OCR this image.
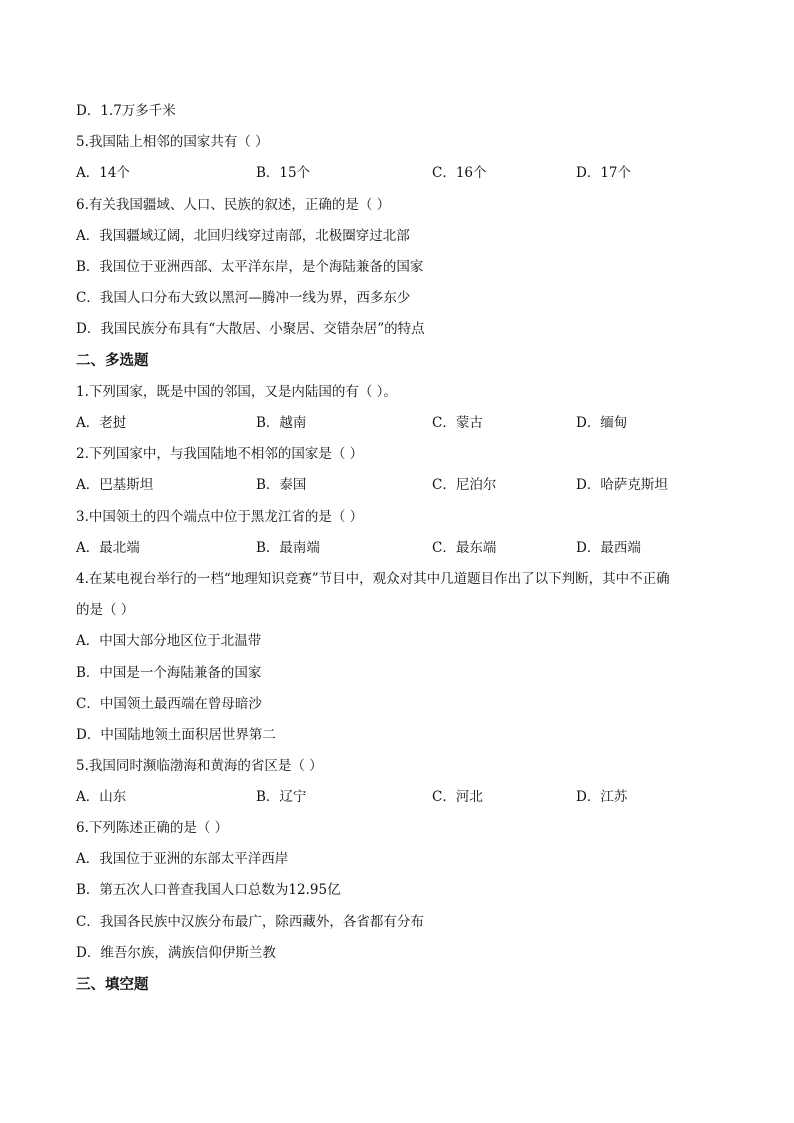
D．1.7万多千米
5.我国陆上相邻的国家共有（ ）
A．14个	B．15个	C．16个	D．17个
6.有关我国疆域、人口、民族的叙述，正确的是（ ）
A．我国疆域辽阔，北回归线穿过南部，北极圈穿过北部
B．我国位于亚洲西部、太平洋东岸，是个海陆兼备的国家
C．我国人口分布大致以黑河—腾冲一线为界，西多东少
D．我国民族分布具有“大散居、小聚居、交错杂居”的特点
二、多选题
1.下列国家，既是中国的邻国，又是内陆国的有（ ）。
A．老挝	B．越南	C．蒙古	D．缅甸
2.下列国家中，与我国陆地不相邻的国家是（ ）
A．巴基斯坦	B．泰国	C．尼泊尔	D．哈萨克斯坦
3.中国领土的四个端点中位于黑龙江省的是（ ）
A．最北端	B．最南端	C．最东端	D．最西端
4.在某电视台举行的一档“地理知识竞赛”节目中，观众对其中几道题目作出了以下判断，其中不正确
的是（ ）
A．中国大部分地区位于北温带
B．中国是一个海陆兼备的国家
C．中国领土最西端在曾母暗沙
D．中国陆地领土面积居世界第二
5.我国同时濒临渤海和黄海的省区是（ ）
A．山东	B．辽宁	C．河北	D．江苏
6.下列陈述正确的是（ ）
A．我国位于亚洲的东部太平洋西岸
B．第五次人口普查我国人口总数为12.95亿
C．我国各民族中汉族分布最广，除西藏外，各省都有分布
D．维吾尔族，满族信仰伊斯兰教
三、填空题
